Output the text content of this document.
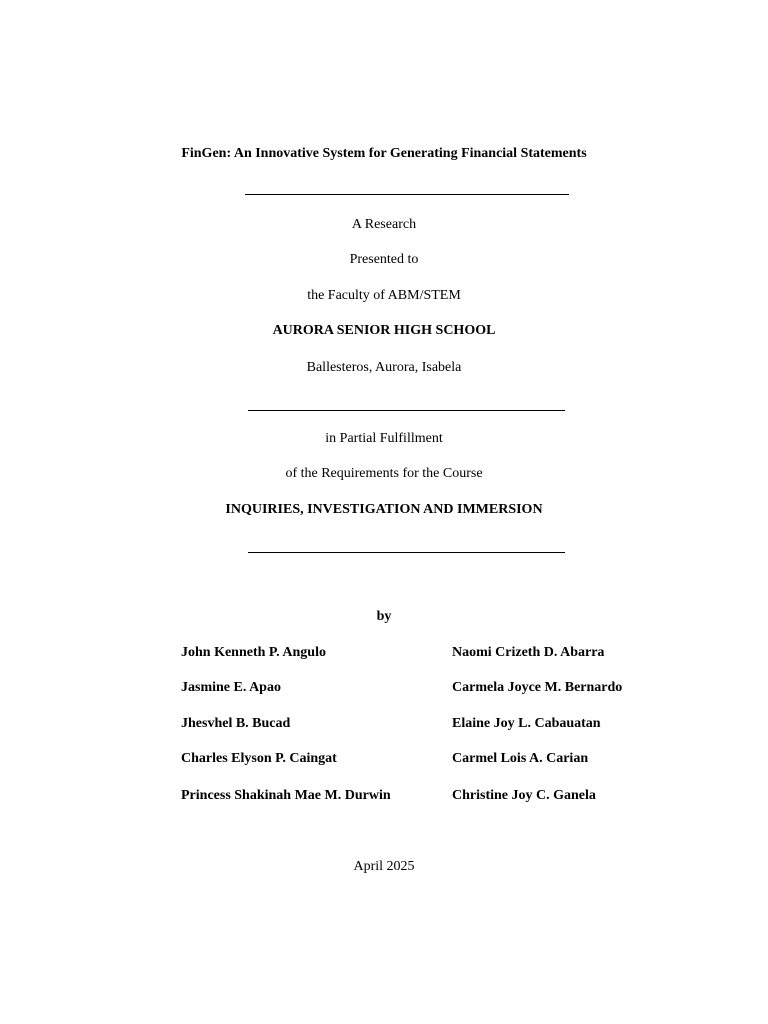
FinGen: An Innovative System for Generating Financial Statements
A Research
Presented to
the Faculty of ABM/STEM
AURORA SENIOR HIGH SCHOOL
Ballesteros, Aurora, Isabela
in Partial Fulfillment
of the Requirements for the Course
INQUIRIES, INVESTIGATION AND IMMERSION
by
John Kenneth P. Angulo
Jasmine E. Apao
Jhesvhel B. Bucad
Charles Elyson P. Caingat
Princess Shakinah Mae M. Durwin
Naomi Crizeth D. Abarra
Carmela Joyce M. Bernardo
Elaine Joy L. Cabauatan
Carmel Lois A. Carian
Christine Joy C. Ganela
April 2025
